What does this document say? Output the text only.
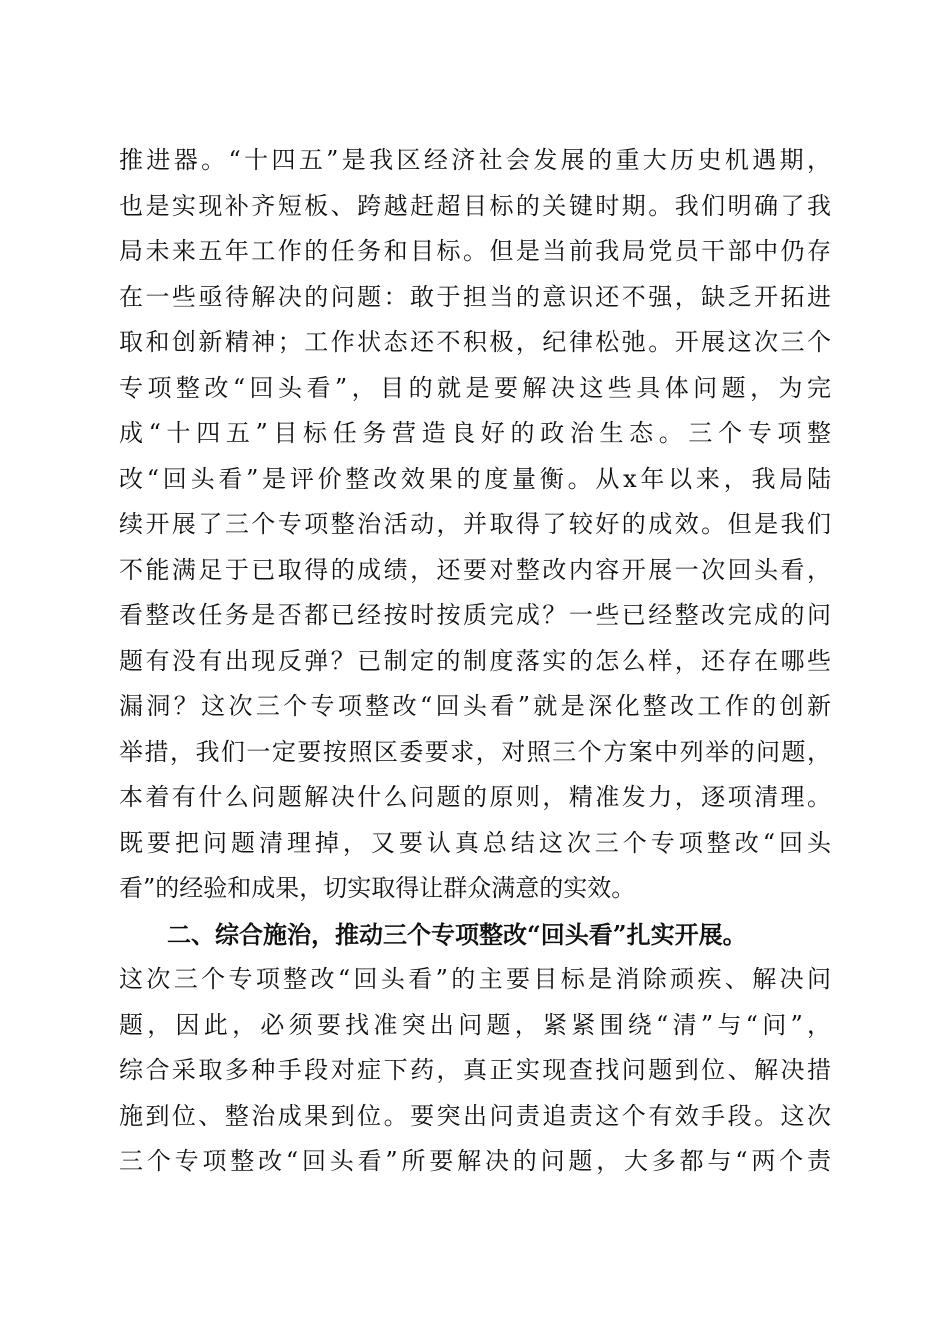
推进器。“十四五”是我区经济社会发展的重大历史机遇期，
也是实现补齐短板、跨越赶超目标的关键时期。我们明确了我
局未来五年工作的任务和目标。但是当前我局党员干部中仍存
在一些亟待解决的问题：敢于担当的意识还不强，缺乏开拓进
取和创新精神；工作状态还不积极，纪律松弛。开展这次三个
专项整改“回头看”，目的就是要解决这些具体问题，为完
成“十四五”目标任务营造良好的政治生态。三个专项整
改“回头看”是评价整改效果的度量衡。从x年以来，我局陆
续开展了三个专项整治活动，并取得了较好的成效。但是我们
不能满足于已取得的成绩，还要对整改内容开展一次回头看，
看整改任务是否都已经按时按质完成？一些已经整改完成的问
题有没有出现反弹？已制定的制度落实的怎么样，还存在哪些
漏洞？这次三个专项整改“回头看”就是深化整改工作的创新
举措，我们一定要按照区委要求，对照三个方案中列举的问题，
本着有什么问题解决什么问题的原则，精准发力，逐项清理。
既要把问题清理掉，又要认真总结这次三个专项整改“回头
看”的经验和成果，切实取得让群众满意的实效。
二、综合施治，推动三个专项整改“回头看”扎实开展。
这次三个专项整改“回头看”的主要目标是消除顽疾、解决问
题，因此，必须要找准突出问题，紧紧围绕“清”与“问”，
综合采取多种手段对症下药，真正实现查找问题到位、解决措
施到位、整治成果到位。要突出问责追责这个有效手段。这次
三个专项整改“回头看”所要解决的问题，大多都与“两个责
